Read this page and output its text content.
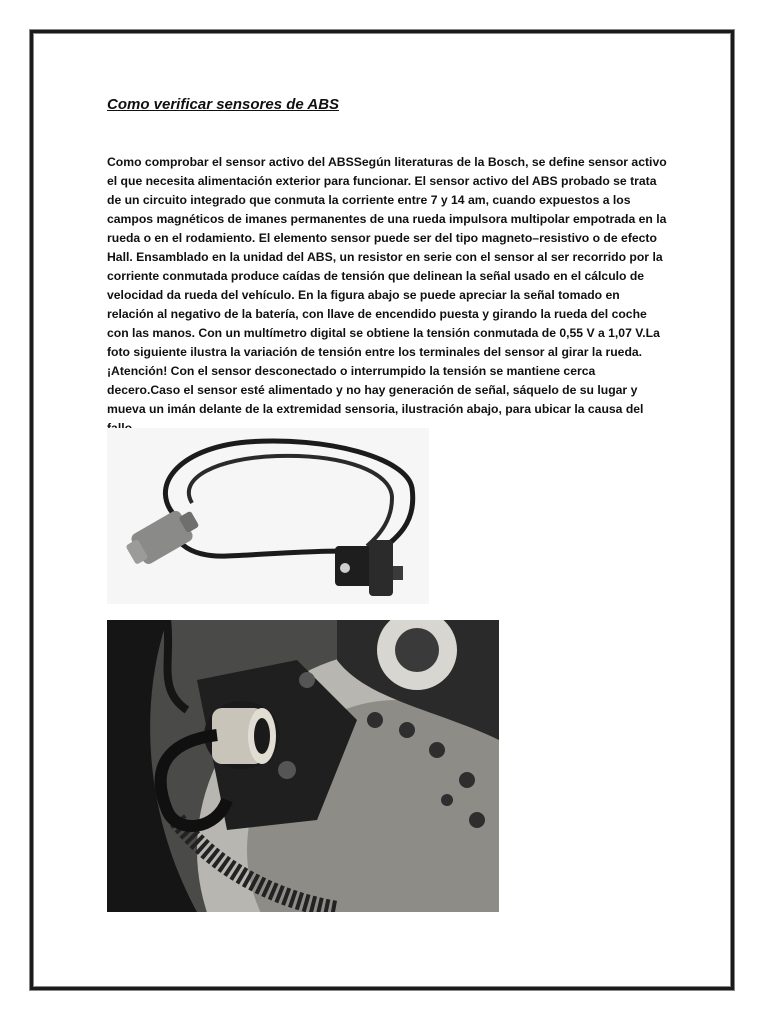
Como verificar sensores de ABS
Como comprobar el sensor activo del ABSSegún literaturas de la Bosch, se define sensor activo el que necesita alimentación exterior para funcionar. El sensor activo del ABS probado se trata de un circuito integrado que conmuta la corriente entre 7 y 14 am, cuando expuestos a los campos magnéticos de imanes permanentes de una rueda impulsora multipolar empotrada en la rueda o en el rodamiento. El elemento sensor puede ser del tipo magneto–resistivo o de efecto Hall. Ensamblado en la unidad del ABS, un resistor en serie con el sensor al ser recorrido por la corriente conmutada produce caídas de tensión que delinean la señal usado en el cálculo de velocidad da rueda del vehículo. En la figura abajo se puede apreciar la señal tomado en relación al negativo de la batería, con llave de encendido puesta y girando la rueda del coche con las manos. Con un multímetro digital se obtiene la tensión conmutada de 0,55 V a 1,07 V.La foto siguiente ilustra la variación de tensión entre los terminales del sensor al girar la rueda. ¡Atención! Con el sensor desconectado o interrumpido la tensión se mantiene cerca decero.Caso el sensor esté alimentado y no hay generación de señal, sáquelo de su lugar y mueva un imán delante de la extremidad sensoria, ilustración abajo, para ubicar la causa del
